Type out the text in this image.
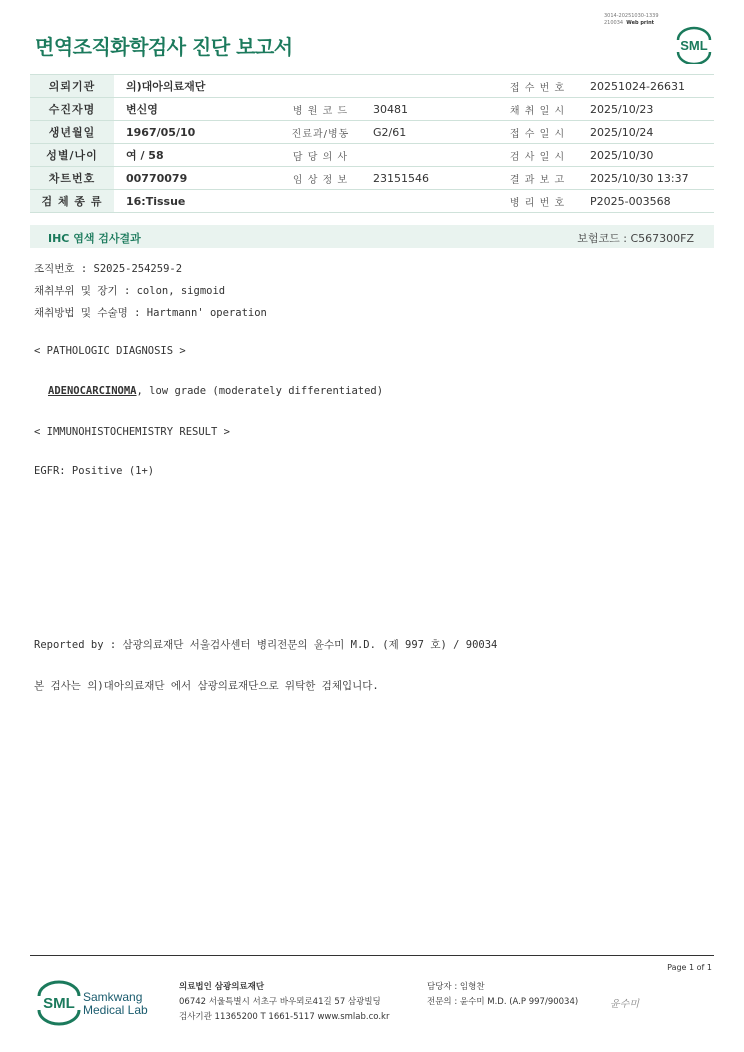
3014-20251030-1339
210034 Web print
면역조직화학검사 진단 보고서	SML
의뢰기관	의)대아의료재단			접 수 번 호	20251024-26631
수진자명	변신영	병 원 코 드	30481	채 취 일 시	2025/10/23
생년월일	1967/05/10	진료과/병동	G2/61	접 수 일 시	2025/10/24
성별/나이	여 / 58	담 당 의 사		검 사 일 시	2025/10/30
차트번호	00770079	임 상 정 보	23151546	결 과 보 고	2025/10/30 13:37
검 체 종 류	16:Tissue			병 리 번 호	P2025-003568
IHC 염색 검사결과	보험코드 : C567300FZ
조직번호 : S2025-254259-2
채취부위 및 장기 : colon, sigmoid
채취방법 및 수술명 : Hartmann' operation
< PATHOLOGIC DIAGNOSIS >
ADENOCARCINOMA, low grade (moderately differentiated)
< IMMUNOHISTOCHEMISTRY RESULT >
EGFR: Positive (1+)
Reported by : 삼광의료재단 서울검사센터 병리전문의 윤수미 M.D. (제 997 호) / 90034
본 검사는 의)대아의료재단 에서 삼광의료재단으로 위탁한 검체입니다.
Page 1 of 1
SML Samkwang
Medical Lab
의료법인 삼광의료재단
06742 서울특별시 서초구 바우뫼로41길 57 삼광빌딩
검사기관 11365200 T 1661-5117 www.smlab.co.kr
담당자 : 임형찬
전문의 : 윤수미 M.D. (A.P 997/90034)	윤수미
